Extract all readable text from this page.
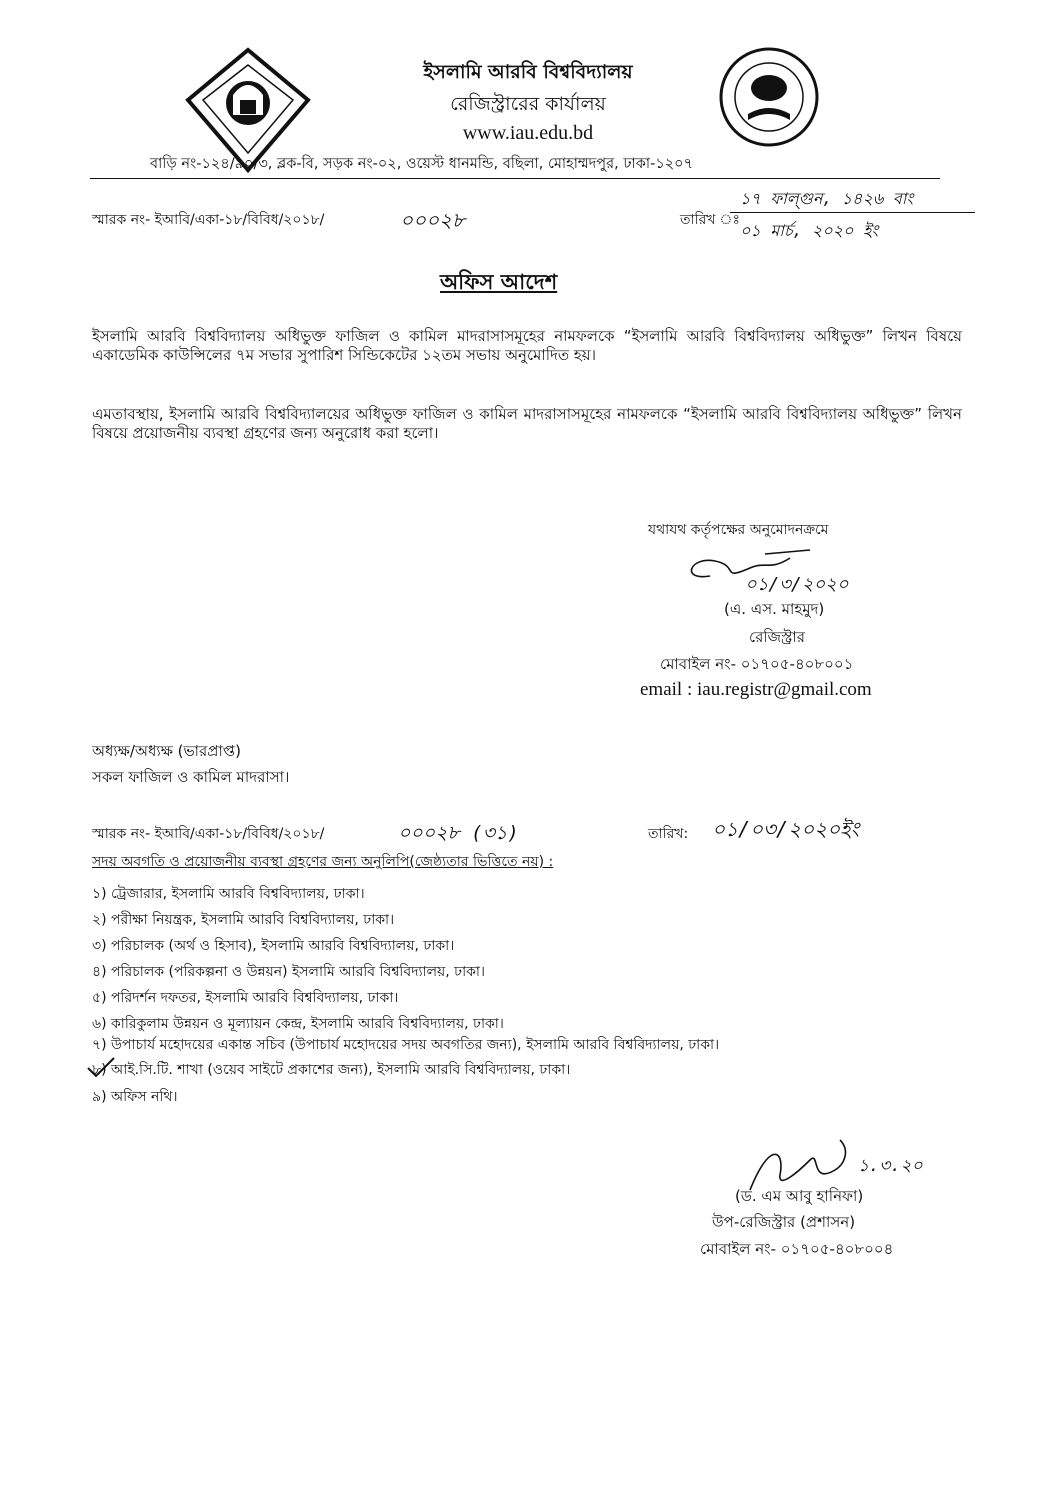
ইসলামি আরবি বিশ্ববিদ্যালয়
রেজিস্ট্রারের কার্যালয়
www.iau.edu.bd
বাড়ি নং-১২৪/৯০/৩, ব্লক-বি, সড়ক নং-০২, ওয়েস্ট ধানমন্ডি, বছিলা, মোহাম্মদপুর, ঢাকা-১২০৭
স্মারক নং- ইআবি/একা-১৮/বিবিধ/২০১৮/	০০০২৮	তারিখ ঃ
১৭ ফাল্গুন, ১৪২৬ বাং
০১ মার্চ, ২০২০ ইং
অফিস আদেশ
ইসলামি আরবি বিশ্ববিদ্যালয় অধিভুক্ত ফাজিল ও কামিল মাদরাসাসমূহের নামফলকে “ইসলামি আরবি বিশ্ববিদ্যালয় অধিভুক্ত” লিখন বিষয়ে একাডেমিক কাউন্সিলের ৭ম সভার সুপারিশ সিন্ডিকেটের ১২তম সভায় অনুমোদিত হয়।
এমতাবস্থায়, ইসলামি আরবি বিশ্ববিদ্যালয়ের অধিভুক্ত ফাজিল ও কামিল মাদরাসাসমূহের নামফলকে “ইসলামি আরবি বিশ্ববিদ্যালয় অধিভুক্ত” লিখন বিষয়ে প্রয়োজনীয় ব্যবস্থা গ্রহণের জন্য অনুরোধ করা হলো।
যথাযথ কর্তৃপক্ষের অনুমোদনক্রমে
০১/৩/২০২০
(এ. এস. মাহমুদ)
রেজিস্ট্রার
মোবাইল নং- ০১৭০৫-৪০৮০০১
email : iau.registr@gmail.com
অধ্যক্ষ/অধ্যক্ষ (ভারপ্রাপ্ত)
সকল ফাজিল ও কামিল মাদরাসা।
স্মারক নং- ইআবি/একা-১৮/বিবিধ/২০১৮/	০০০২৮ (৩১)	তারিখ: ০১/০৩/২০২০ইং
সদয় অবগতি ও প্রয়োজনীয় ব্যবস্থা গ্রহণের জন্য অনুলিপি(জেষ্ঠ্যতার ভিত্তিতে নয়) :
১) ট্রেজারার, ইসলামি আরবি বিশ্ববিদ্যালয়, ঢাকা।
২) পরীক্ষা নিয়ন্ত্রক, ইসলামি আরবি বিশ্ববিদ্যালয়, ঢাকা।
৩) পরিচালক (অর্থ ও হিসাব), ইসলামি আরবি বিশ্ববিদ্যালয়, ঢাকা।
৪) পরিচালক (পরিকল্পনা ও উন্নয়ন) ইসলামি আরবি বিশ্ববিদ্যালয়, ঢাকা।
৫) পরিদর্শন দফতর, ইসলামি আরবি বিশ্ববিদ্যালয়, ঢাকা।
৬) কারিকুলাম উন্নয়ন ও মূল্যায়ন কেন্দ্র, ইসলামি আরবি বিশ্ববিদ্যালয়, ঢাকা।
৭) উপাচার্য মহোদয়ের একান্ত সচিব (উপাচার্য মহোদয়ের সদয় অবগতির জন্য), ইসলামি আরবি বিশ্ববিদ্যালয়, ঢাকা।
৮) আই.সি.টি. শাখা (ওয়েব সাইটে প্রকাশের জন্য), ইসলামি আরবি বিশ্ববিদ্যালয়, ঢাকা।
৯) অফিস নথি।
১.৩.২০
(ড. এম আবু হানিফা)
উপ-রেজিস্ট্রার (প্রশাসন)
মোবাইল নং- ০১৭০৫-৪০৮০০৪
